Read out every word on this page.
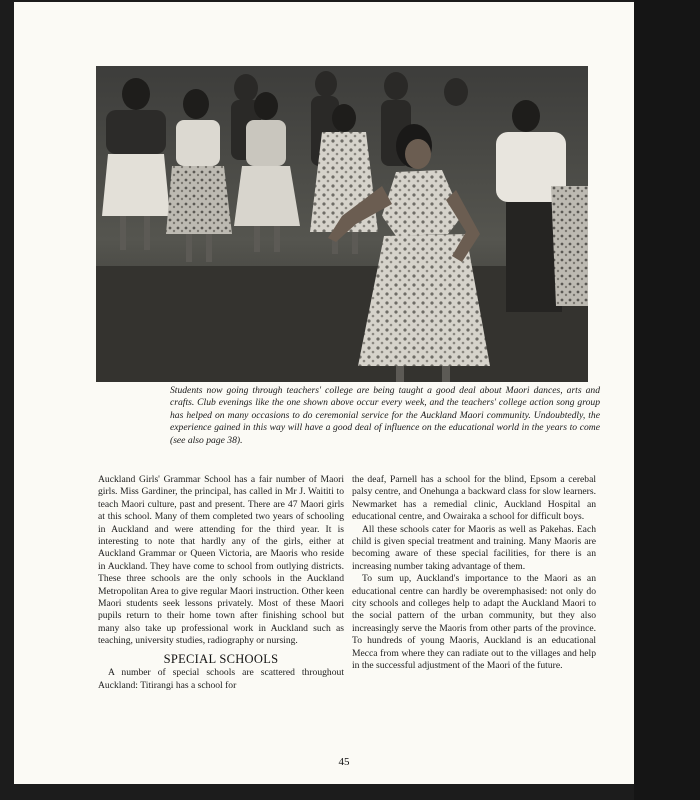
Students now going through teachers' college are being taught a good deal about Maori dances, arts and crafts. Club evenings like the one shown above occur every week, and the teachers' college action song group has helped on many occasions to do ceremonial service for the Auckland Maori community. Undoubtedly, the experience gained in this way will have a good deal of influence on the educational world in the years to come (see also page 38).

Auckland Girls' Grammar School has a fair number of Maori girls. Miss Gardiner, the principal, has called in Mr J. Waititi to teach Maori culture, past and present. There are 47 Maori girls at this school. Many of them completed two years of schooling in Auckland and were attending for the third year. It is interesting to note that hardly any of the girls, either at Auckland Grammar or Queen Victoria, are Maoris who reside in Auckland. They have come to school from outlying districts. These three schools are the only schools in the Auckland Metropolitan Area to give regular Maori instruction. Other keen Maori students seek lessons privately. Most of these Maori pupils return to their home town after finishing school but many also take up professional work in Auckland such as teaching, university studies, radiography or nursing.

SPECIAL SCHOOLS

A number of special schools are scattered throughout Auckland: Titirangi has a school for

the deaf, Parnell has a school for the blind, Epsom a cerebal palsy centre, and Onehunga a backward class for slow learners. Newmarket has a remedial clinic, Auckland Hospital an educational centre, and Owairaka a school for difficult boys.

All these schools cater for Maoris as well as Pakehas. Each child is given special treatment and training. Many Maoris are becoming aware of these special facilities, for there is an increasing number taking advantage of them.

To sum up, Auckland's importance to the Maori as an educational centre can hardly be overemphasised: not only do city schools and colleges help to adapt the Auckland Maori to the social pattern of the urban community, but they also increasingly serve the Maoris from other parts of the province. To hundreds of young Maoris, Auckland is an educational Mecca from where they can radiate out to the villages and help in the successful adjustment of the Maori of the future.

45
